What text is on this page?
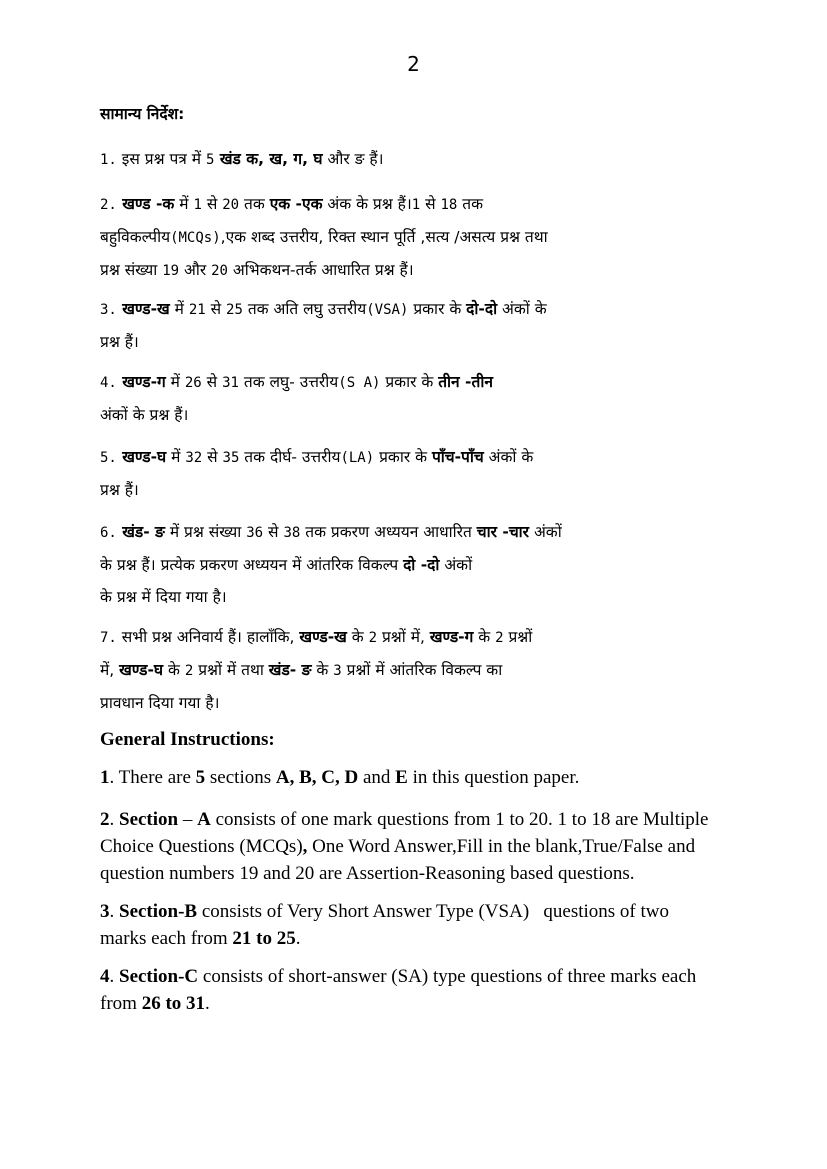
2

सामान्य निर्देश:

1. इस प्रश्न पत्र में 5 खंड क, ख, ग, घ और ङ हैं।

2. खण्ड -क में 1 से 20 तक एक -एक अंक के प्रश्न हैं।1 से 18 तक

बहुविकल्पीय(MCQs),एक शब्द उत्तरीय, रिक्त स्थान पूर्ति ,सत्य /असत्य प्रश्न तथा

प्रश्न संख्या 19 और 20 अभिकथन-तर्क आधारित प्रश्न हैं।

3. खण्ड-ख में 21 से 25 तक अति लघु उत्तरीय(VSA) प्रकार के दो-दो अंकों के

प्रश्न हैं।

4. खण्ड-ग में 26 से 31 तक लघु- उत्तरीय(S A) प्रकार के तीन -तीन

अंकों के प्रश्न हैं।

5. खण्ड-घ में 32 से 35 तक दीर्घ- उत्तरीय(LA) प्रकार के पाँच-पाँच अंकों के

प्रश्न हैं।

6. खंड- ङ में प्रश्न संख्या 36 से 38 तक प्रकरण अध्ययन आधारित चार -चार अंकों

के प्रश्न हैं। प्रत्येक प्रकरण अध्ययन में आंतरिक विकल्प दो -दो अंकों

के प्रश्न में दिया गया है।

7. सभी प्रश्न अनिवार्य हैं। हालाँकि, खण्ड-ख के 2 प्रश्नों में, खण्ड-ग के 2 प्रश्नों

में, खण्ड-घ के 2 प्रश्नों में तथा खंड- ङ के 3 प्रश्नों में आंतरिक विकल्प का

प्रावधान दिया गया है।

General Instructions:

1. There are 5 sections A, B, C, D and E in this question paper.

2. Section – A consists of one mark questions from 1 to 20. 1 to 18 are Multiple

Choice Questions (MCQs), One Word Answer,Fill in the blank,True/False and

question numbers 19 and 20 are Assertion-Reasoning based questions.

3. Section-B consists of Very Short Answer Type (VSA)   questions of two

marks each from 21 to 25.

4. Section-C consists of short-answer (SA) type questions of three marks each

from 26 to 31.
